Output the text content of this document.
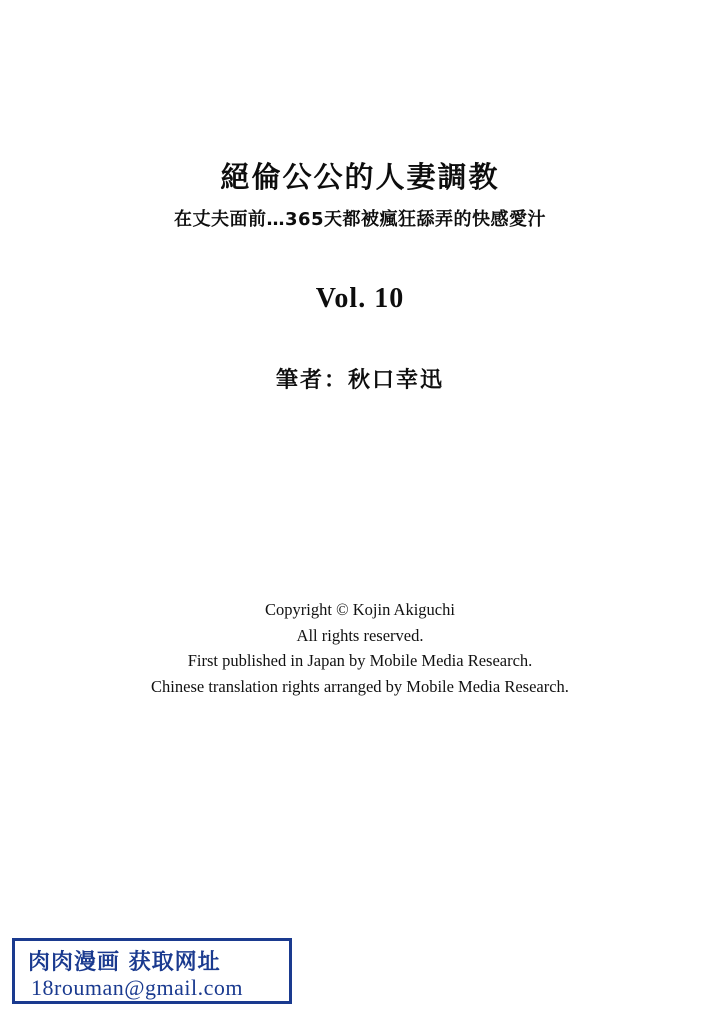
絕倫公公的人妻調教
在丈夫面前…365天都被瘋狂舔弄的快感愛汁
Vol. 10
筆者：秋口幸迅
Copyright © Kojin Akiguchi
All rights reserved.
First published in Japan by Mobile Media Research.
Chinese translation rights arranged by Mobile Media Research.
肉肉漫画 获取网址
18rouman@gmail.com
